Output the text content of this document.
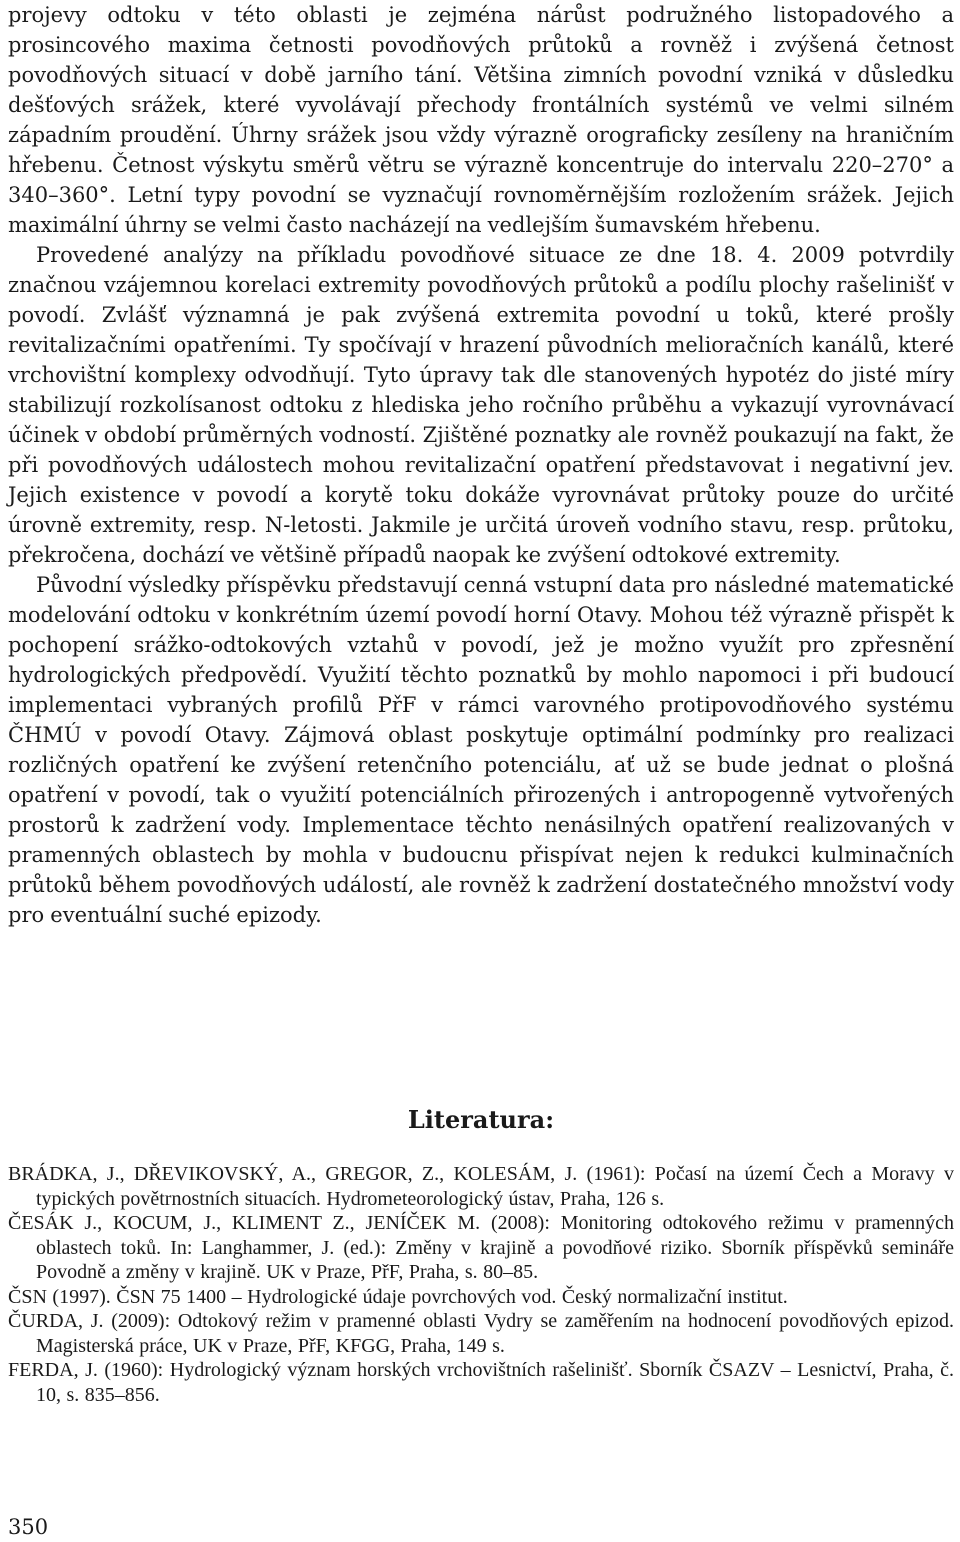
projevy odtoku v této oblasti je zejména nárůst podružného listopadového a prosincového maxima četnosti povodňových průtoků a rovněž i zvýšená četnost povodňových situací v době jarního tání. Většina zimních povodní vzniká v důsledku dešťových srážek, které vyvolávají přechody frontálních systémů ve velmi silném západním proudění. Úhrny srážek jsou vždy výrazně orograficky zesíleny na hraničním hřebenu. Četnost výskytu směrů větru se výrazně koncentruje do intervalu 220–270° a 340–360°. Letní typy povodní se vyznačují rovnoměrnějším rozložením srážek. Jejich maximální úhrny se velmi často nacházejí na vedlejším šumavském hřebenu.

Provedené analýzy na příkladu povodňové situace ze dne 18. 4. 2009 potvrdily značnou vzájemnou korelaci extremity povodňových průtoků a podílu plochy rašelinišť v povodí. Zvlášť významná je pak zvýšená extremita povodní u toků, které prošly revitalizačními opatřeními. Ty spočívají v hrazení původních melioračních kanálů, které vrchovištní komplexy odvodňují. Tyto úpravy tak dle stanovených hypotéz do jisté míry stabilizují rozkolísanost odtoku z hlediska jeho ročního průběhu a vykazují vyrovnávací účinek v období průměrných vodností. Zjištěné poznatky ale rovněž poukazují na fakt, že při povodňových událostech mohou revitalizační opatření představovat i negativní jev. Jejich existence v povodí a korytě toku dokáže vyrovnávat průtoky pouze do určité úrovně extremity, resp. N-letosti. Jakmile je určitá úroveň vodního stavu, resp. průtoku, překročena, dochází ve většině případů naopak ke zvýšení odtokové extremity.

Původní výsledky příspěvku představují cenná vstupní data pro následné matematické modelování odtoku v konkrétním území povodí horní Otavy. Mohou též výrazně přispět k pochopení srážko-odtokových vztahů v povodí, jež je možno využít pro zpřesnění hydrologických předpovědí. Využití těchto poznatků by mohlo napomoci i při budoucí implementaci vybraných profilů PřF v rámci varovného protipovodňového systému ČHMÚ v povodí Otavy. Zájmová oblast poskytuje optimální podmínky pro realizaci rozličných opatření ke zvýšení retenčního potenciálu, ať už se bude jednat o plošná opatření v povodí, tak o využití potenciálních přirozených i antropogenně vytvořených prostorů k zadržení vody. Implementace těchto nenásilných opatření realizovaných v pramenných oblastech by mohla v budoucnu přispívat nejen k redukci kulminačních průtoků během povodňových událostí, ale rovněž k zadržení dostatečného množství vody pro eventuální suché epizody.

Literatura:

BRÁDKA, J., DŘEVIKOVSKÝ, A., GREGOR, Z., KOLESÁM, J. (1961): Počasí na území Čech a Moravy v typických povětrnostních situacích. Hydrometeorologický ústav, Praha, 126 s.

ČESÁK J., KOCUM, J., KLIMENT Z., JENÍČEK M. (2008): Monitoring odtokového režimu v pramenných oblastech toků. In: Langhammer, J. (ed.): Změny v krajině a povodňové riziko. Sborník příspěvků semináře Povodně a změny v krajině. UK v Praze, PřF, Praha, s. 80–85.

ČSN (1997). ČSN 75 1400 – Hydrologické údaje povrchových vod. Český normalizační institut.

ČURDA, J. (2009): Odtokový režim v pramenné oblasti Vydry se zaměřením na hodnocení povodňových epizod. Magisterská práce, UK v Praze, PřF, KFGG, Praha, 149 s.

FERDA, J. (1960): Hydrologický význam horských vrchovištních rašelinišť. Sborník ČSAZV – Lesnictví, Praha, č. 10, s. 835–856.

350
